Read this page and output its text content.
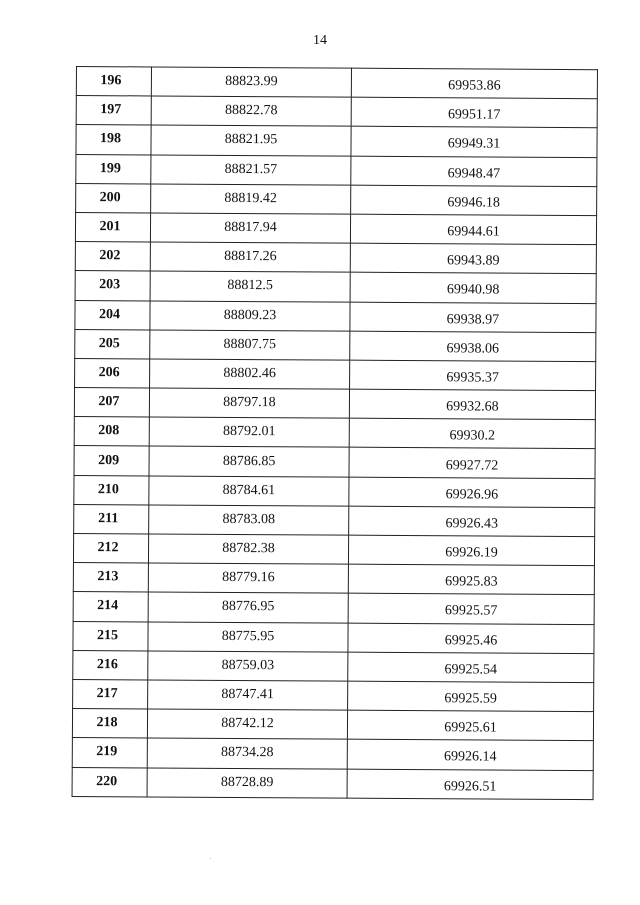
14
196	88823.99	69953.86
197	88822.78	69951.17
198	88821.95	69949.31
199	88821.57	69948.47
200	88819.42	69946.18
201	88817.94	69944.61
202	88817.26	69943.89
203	88812.5	69940.98
204	88809.23	69938.97
205	88807.75	69938.06
206	88802.46	69935.37
207	88797.18	69932.68
208	88792.01	69930.2
209	88786.85	69927.72
210	88784.61	69926.96
211	88783.08	69926.43
212	88782.38	69926.19
213	88779.16	69925.83
214	88776.95	69925.57
215	88775.95	69925.46
216	88759.03	69925.54
217	88747.41	69925.59
218	88742.12	69925.61
219	88734.28	69926.14
220	88728.89	69926.51
